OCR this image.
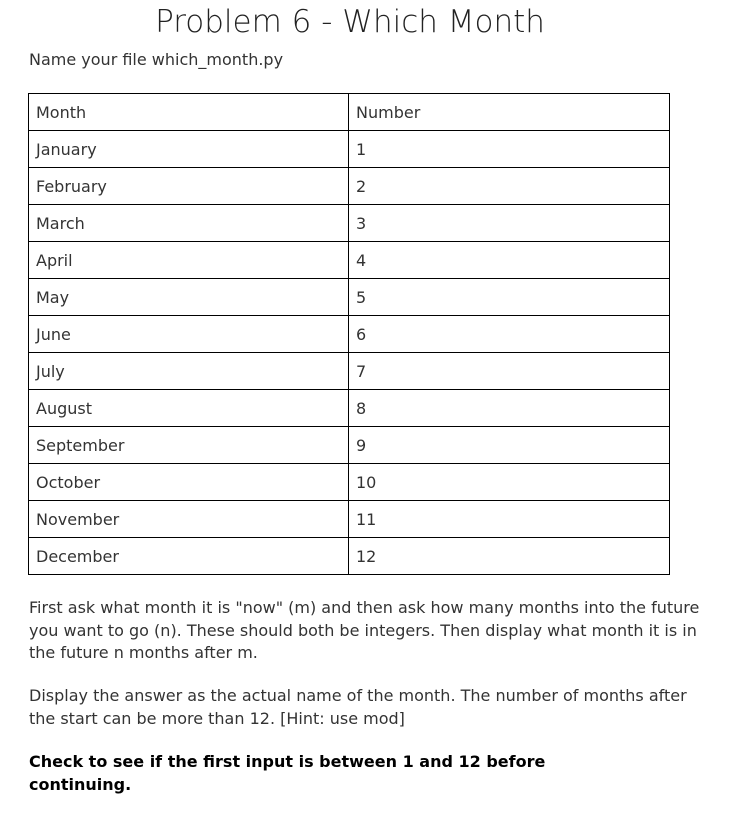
Problem 6 - Which Month
Name your file which_month.py
Month	Number
January	1
February	2
March	3
April	4
May	5
June	6
July	7
August	8
September	9
October	10
November	11
December	12
First ask what month it is "now" (m) and then ask how many months into the future you want to go (n). These should both be integers. Then display what month it is in the future n months after m.
Display the answer as the actual name of the month. The number of months after the start can be more than 12. [Hint: use mod]
Check to see if the first input is between 1 and 12 before continuing.
